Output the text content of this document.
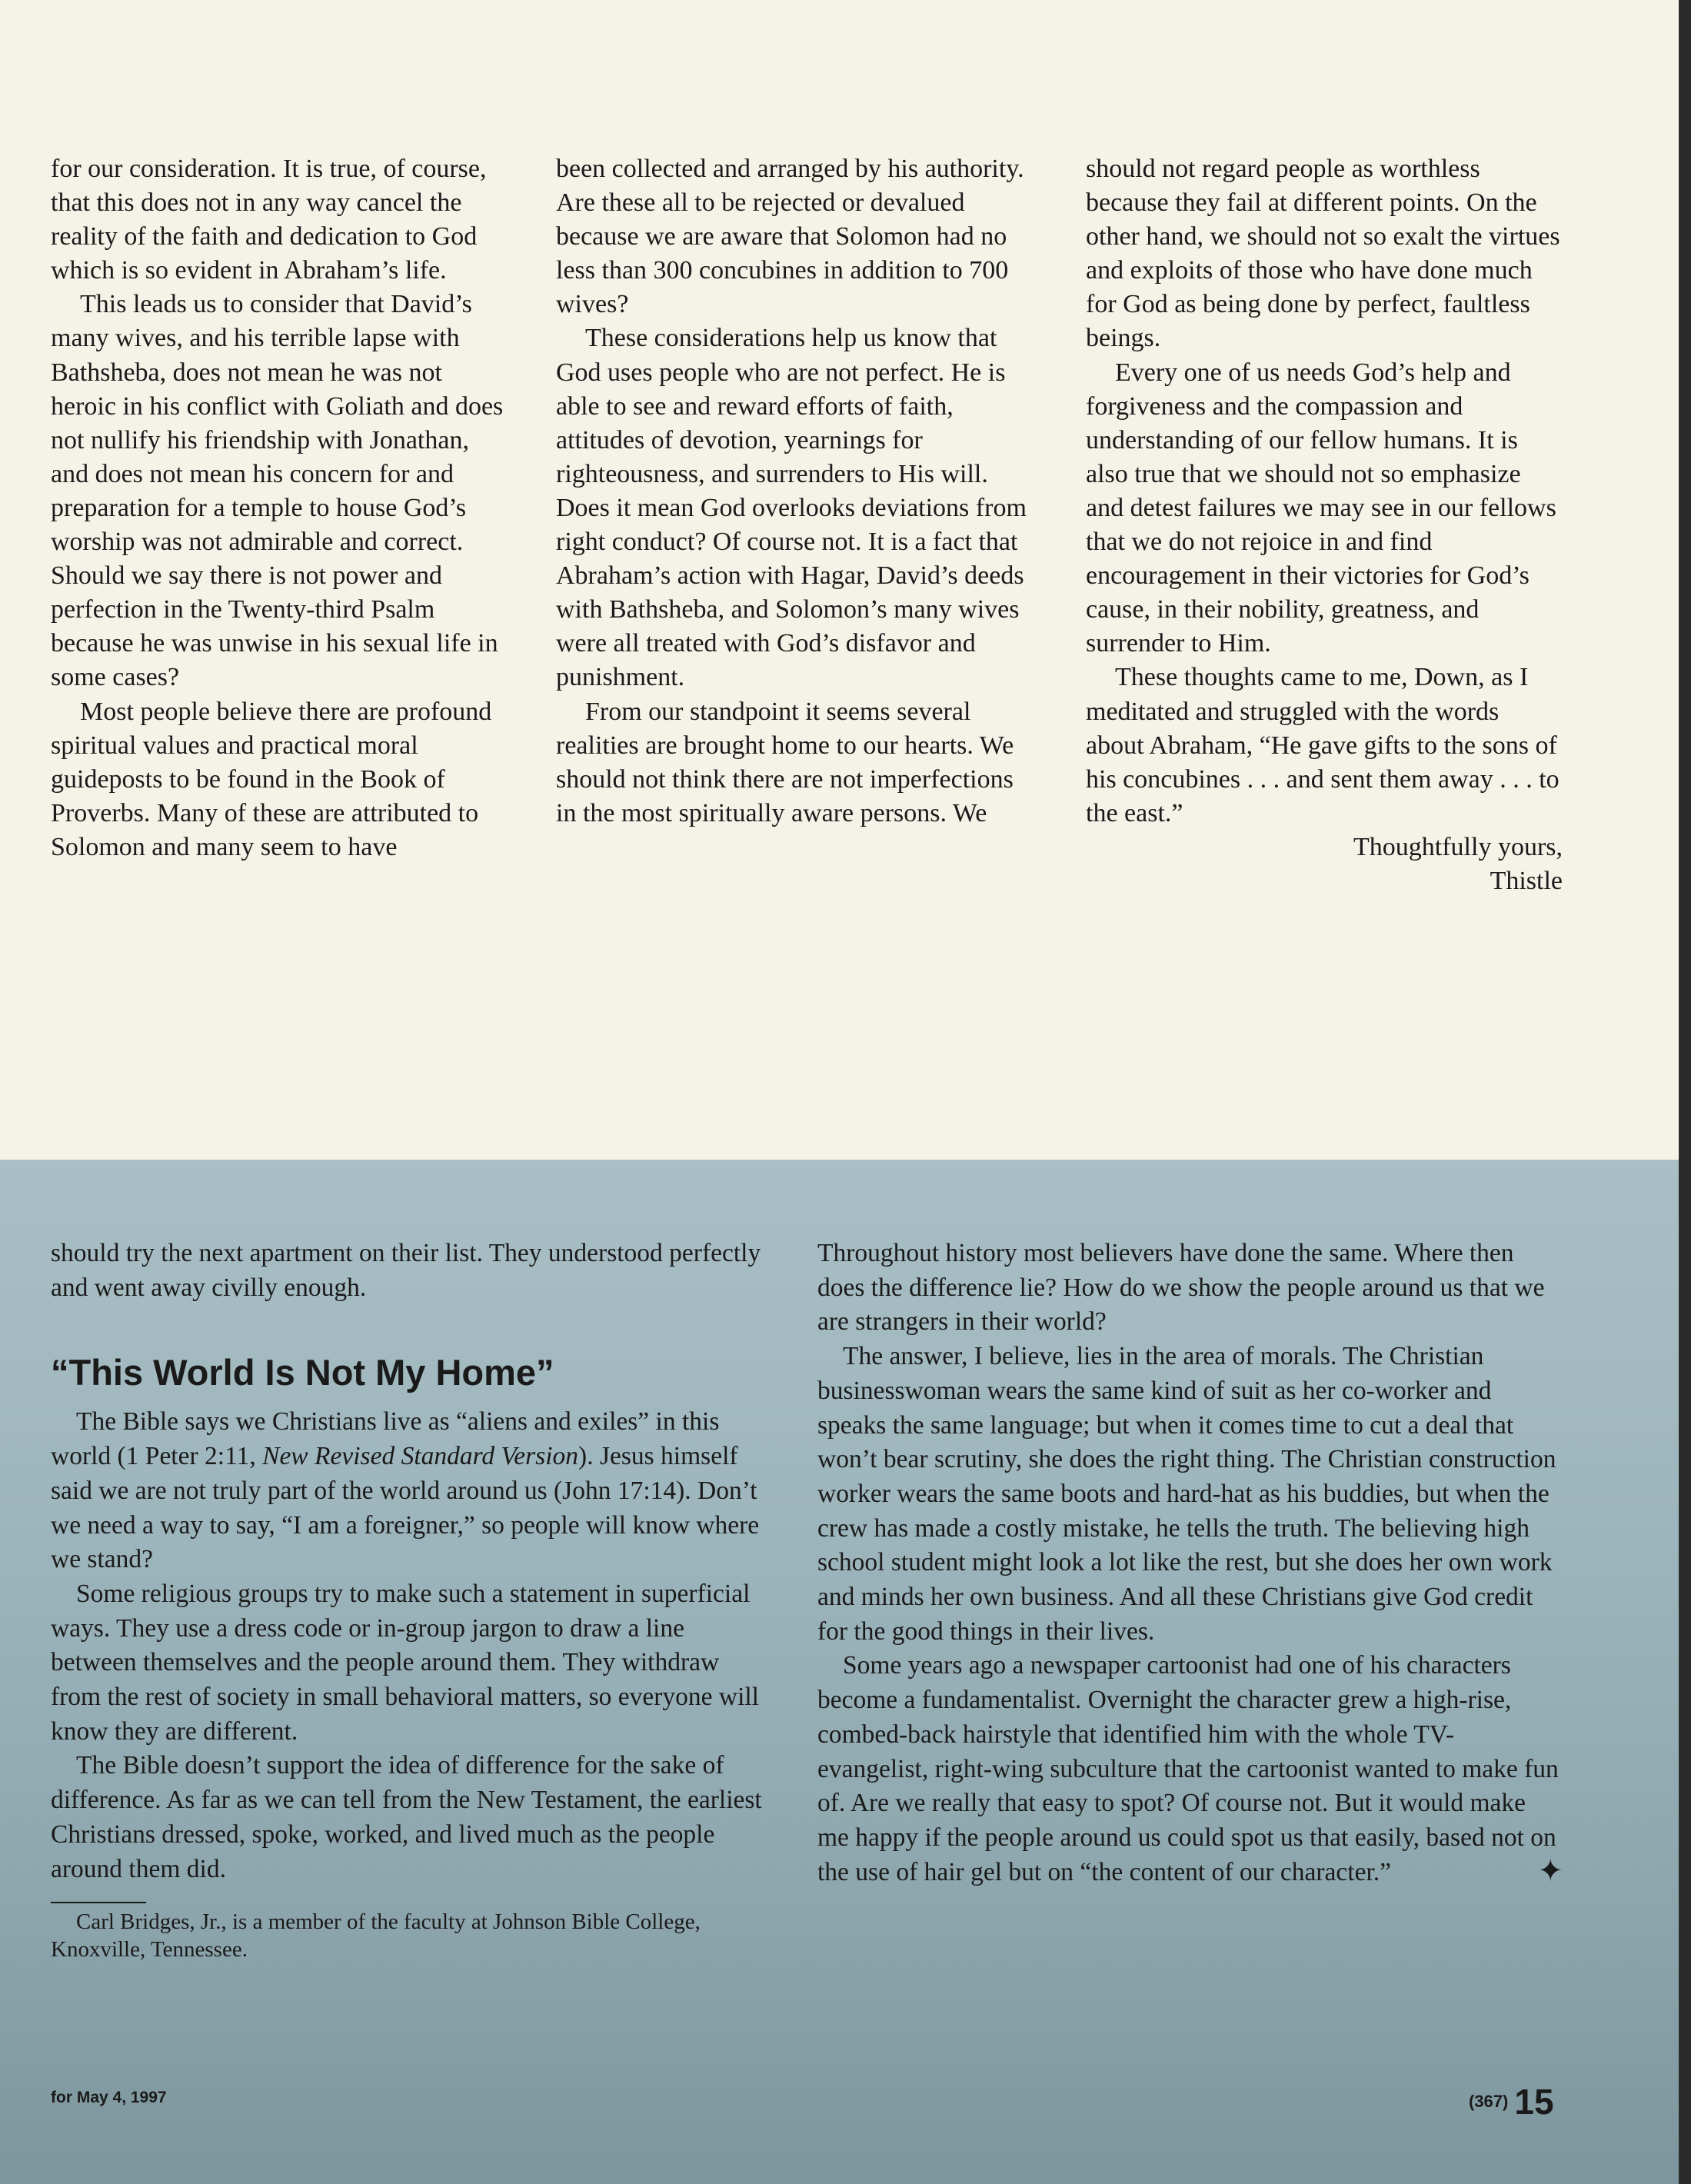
for our consideration. It is true, of course, that this does not in any way cancel the reality of the faith and dedication to God which is so evident in Abraham’s life.

This leads us to consider that David’s many wives, and his terrible lapse with Bathsheba, does not mean he was not heroic in his conflict with Goliath and does not nullify his friendship with Jonathan, and does not mean his concern for and preparation for a temple to house God’s worship was not admirable and correct. Should we say there is not power and perfection in the Twenty-third Psalm because he was unwise in his sexual life in some cases?

Most people believe there are profound spiritual values and practical moral guideposts to be found in the Book of Proverbs. Many of these are attributed to Solomon and many seem to have

been collected and arranged by his authority. Are these all to be rejected or devalued because we are aware that Solomon had no less than 300 concubines in addition to 700 wives?

These considerations help us know that God uses people who are not perfect. He is able to see and reward efforts of faith, attitudes of devotion, yearnings for righteousness, and surrenders to His will. Does it mean God overlooks deviations from right conduct? Of course not. It is a fact that Abraham’s action with Hagar, David’s deeds with Bathsheba, and Solomon’s many wives were all treated with God’s disfavor and punishment.

From our standpoint it seems several realities are brought home to our hearts. We should not think there are not imperfections in the most spiritually aware persons. We

should not regard people as worthless because they fail at different points. On the other hand, we should not so exalt the virtues and exploits of those who have done much for God as being done by perfect, faultless beings.

Every one of us needs God’s help and forgiveness and the compassion and understanding of our fellow humans. It is also true that we should not so emphasize and detest failures we may see in our fellows that we do not rejoice in and find encouragement in their victories for God’s cause, in their nobility, greatness, and surrender to Him.

These thoughts came to me, Down, as I meditated and struggled with the words about Abraham, “He gave gifts to the sons of his concubines . . . and sent them away . . . to the east.”

Thoughtfully yours,

Thistle

should try the next apartment on their list. They understood perfectly and went away civilly enough.

“This World Is Not My Home”

The Bible says we Christians live as “aliens and exiles” in this world (1 Peter 2:11, New Revised Standard Version). Jesus himself said we are not truly part of the world around us (John 17:14). Don’t we need a way to say, “I am a foreigner,” so people will know where we stand?

Some religious groups try to make such a statement in superficial ways. They use a dress code or in-group jargon to draw a line between themselves and the people around them. They withdraw from the rest of society in small behavioral matters, so everyone will know they are different.

The Bible doesn’t support the idea of difference for the sake of difference. As far as we can tell from the New Testament, the earliest Christians dressed, spoke, worked, and lived much as the people around them did.

Carl Bridges, Jr., is a member of the faculty at Johnson Bible College, Knoxville, Tennessee.

Throughout history most believers have done the same. Where then does the difference lie? How do we show the people around us that we are strangers in their world?

The answer, I believe, lies in the area of morals. The Christian businesswoman wears the same kind of suit as her co-worker and speaks the same language; but when it comes time to cut a deal that won’t bear scrutiny, she does the right thing. The Christian construction worker wears the same boots and hard-hat as his buddies, but when the crew has made a costly mistake, he tells the truth. The believing high school student might look a lot like the rest, but she does her own work and minds her own business. And all these Christians give God credit for the good things in their lives.

Some years ago a newspaper cartoonist had one of his characters become a fundamentalist. Overnight the character grew a high-rise, combed-back hairstyle that identified him with the whole TV-evangelist, right-wing subculture that the cartoonist wanted to make fun of. Are we really that easy to spot? Of course not. But it would make me happy if the people around us could spot us that easily, based not on the use of hair gel but on “the content of our character.”	✦

for May 4, 1997	(367) 15
